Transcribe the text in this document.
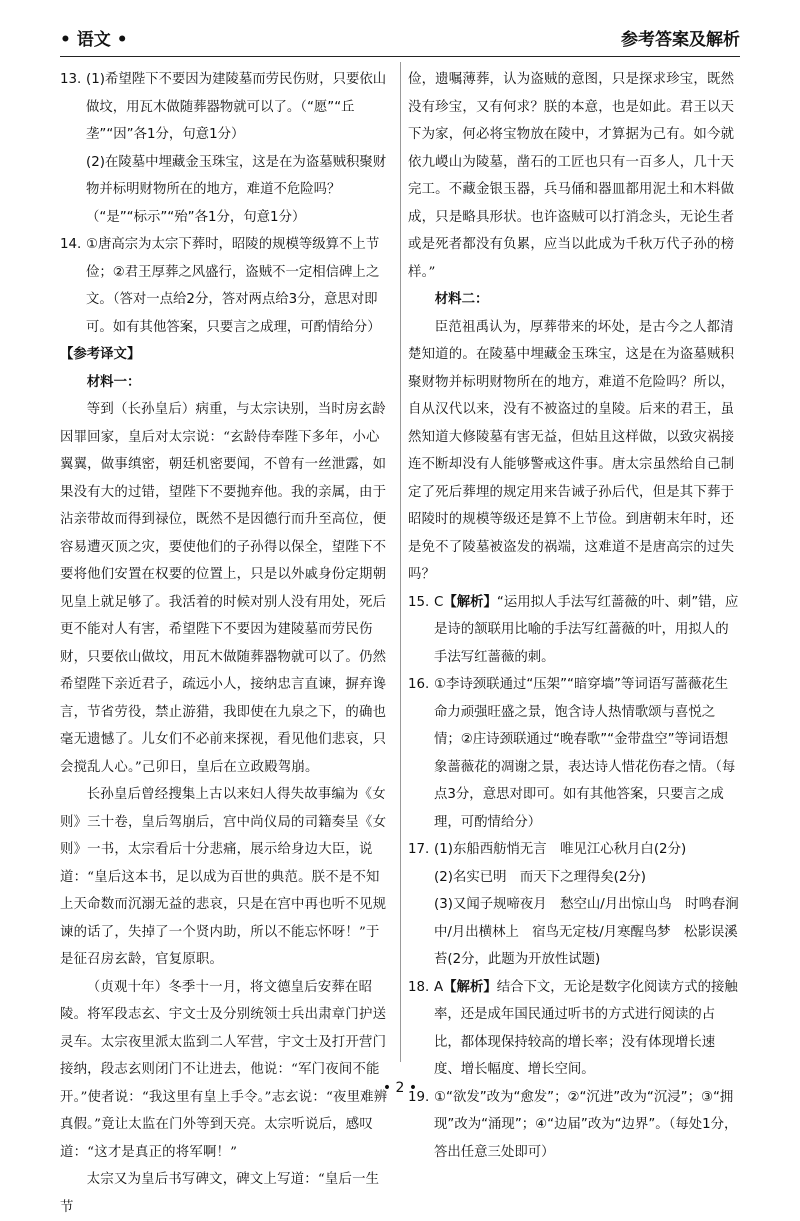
• 语文 •	参考答案及解析
13. (1)希望陛下不要因为建陵墓而劳民伤财，只要依山做坟，用瓦木做随葬器物就可以了。（“愿”“丘垄”“因”各1分，句意1分）

(2)在陵墓中埋藏金玉珠宝，这是在为盗墓贼积聚财物并标明财物所在的地方，难道不危险吗？（“是”“标示”“殆”各1分，句意1分）

14. ①唐高宗为太宗下葬时，昭陵的规模等级算不上节俭；②君王厚葬之风盛行，盗贼不一定相信碑上之文。（答对一点给2分，答对两点给3分，意思对即可。如有其他答案，只要言之成理，可酌情给分）

【参考译文】

材料一：

等到（长孙皇后）病重，与太宗诀别，当时房玄龄因罪回家，皇后对太宗说：“玄龄侍奉陛下多年，小心翼翼，做事缜密，朝廷机密要闻，不曾有一丝泄露，如果没有大的过错，望陛下不要抛弃他。我的亲属，由于沾亲带故而得到禄位，既然不是因德行而升至高位，便容易遭灭顶之灾，要使他们的子孙得以保全，望陛下不要将他们安置在权要的位置上，只是以外戚身份定期朝见皇上就足够了。我活着的时候对别人没有用处，死后更不能对人有害，希望陛下不要因为建陵墓而劳民伤财，只要依山做坟，用瓦木做随葬器物就可以了。仍然希望陛下亲近君子，疏远小人，接纳忠言直谏，摒弃谗言，节省劳役，禁止游猎，我即使在九泉之下，的确也毫无遗憾了。儿女们不必前来探视，看见他们悲哀，只会搅乱人心。”己卯日，皇后在立政殿驾崩。

长孙皇后曾经搜集上古以来妇人得失故事编为《女则》三十卷，皇后驾崩后，宫中尚仪局的司籍奏呈《女则》一书，太宗看后十分悲痛，展示给身边大臣，说道：“皇后这本书，足以成为百世的典范。朕不是不知上天命数而沉溺无益的悲哀，只是在宫中再也听不见规谏的话了，失掉了一个贤内助，所以不能忘怀呀！”于是征召房玄龄，官复原职。

（贞观十年）冬季十一月，将文德皇后安葬在昭陵。将军段志玄、宇文士及分别统领士兵出肃章门护送灵车。太宗夜里派太监到二人军营，宇文士及打开营门接纳，段志玄则闭门不让进去，他说：“军门夜间不能开。”使者说：“我这里有皇上手令。”志玄说：“夜里难辨真假。”竟让太监在门外等到天亮。太宗听说后，感叹道：“这才是真正的将军啊！”

太宗又为皇后书写碑文，碑文上写道：“皇后一生节

俭，遗嘱薄葬，认为盗贼的意图，只是探求珍宝，既然没有珍宝，又有何求？朕的本意，也是如此。君王以天下为家，何必将宝物放在陵中，才算据为己有。如今就依九嵕山为陵墓，凿石的工匠也只有一百多人，几十天完工。不藏金银玉器，兵马俑和器皿都用泥土和木料做成，只是略具形状。也许盗贼可以打消念头，无论生者或是死者都没有负累，应当以此成为千秋万代子孙的榜样。”

材料二：

臣范祖禹认为，厚葬带来的坏处，是古今之人都清楚知道的。在陵墓中埋藏金玉珠宝，这是在为盗墓贼积聚财物并标明财物所在的地方，难道不危险吗？所以，自从汉代以来，没有不被盗过的皇陵。后来的君王，虽然知道大修陵墓有害无益，但姑且这样做，以致灾祸接连不断却没有人能够警戒这件事。唐太宗虽然给自己制定了死后葬埋的规定用来告诫子孙后代，但是其下葬于昭陵时的规模等级还是算不上节俭。到唐朝末年时，还是免不了陵墓被盗发的祸端，这难道不是唐高宗的过失吗？

15. C【解析】“运用拟人手法写红蔷薇的叶、刺”错，应是诗的颔联用比喻的手法写红蔷薇的叶，用拟人的手法写红蔷薇的刺。

16. ①李诗颈联通过“压架”“暗穿墙”等词语写蔷薇花生命力顽强旺盛之景，饱含诗人热情歌颂与喜悦之情；②庄诗颈联通过“晚春歌”“金带盘空”等词语想象蔷薇花的凋谢之景，表达诗人惜花伤春之情。（每点3分，意思对即可。如有其他答案，只要言之成理，可酌情给分）

17. (1)东船西舫悄无言　唯见江心秋月白(2分)

(2)名实已明　而天下之理得矣(2分)

(3)又闻子规啼夜月　愁空山/月出惊山鸟　时鸣春涧中/月出横林上　宿鸟无定枝/月寒醒鸟梦　松影误溪苔(2分，此题为开放性试题)

18. A【解析】结合下文，无论是数字化阅读方式的接触率，还是成年国民通过听书的方式进行阅读的占比，都体现保持较高的增长率；没有体现增长速度、增长幅度、增长空间。

19. ①“欲发”改为“愈发”；②“沉进”改为“沉浸”；③“拥现”改为“涌现”；④“边届”改为“边界”。（每处1分，答出任意三处即可）

• 2 •
